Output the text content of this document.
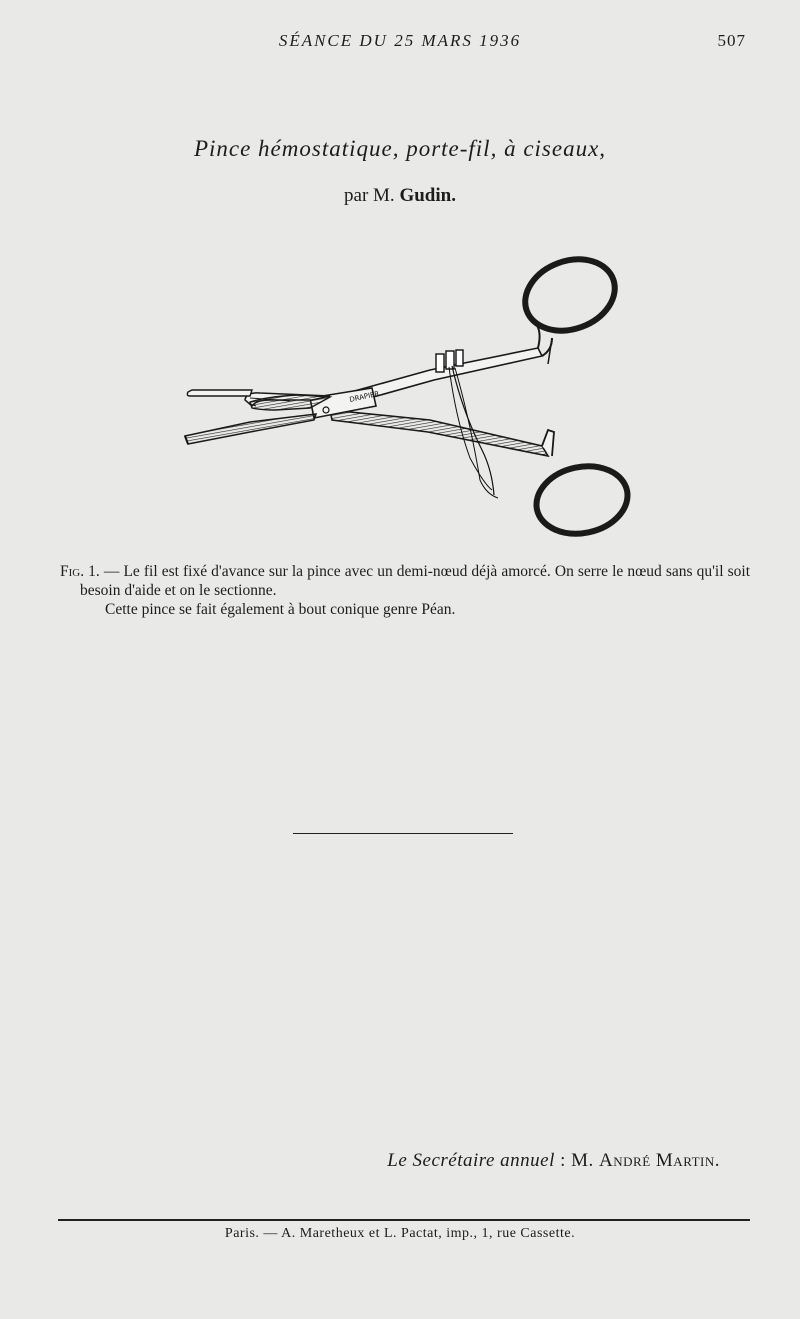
SÉANCE DU 25 MARS 1936	507
Pince hémostatique, porte-fil, à ciseaux,
par M. Gudin.
DRAPIER
Fig. 1. — Le fil est fixé d'avance sur la pince avec un demi-nœud déjà amorcé. On serre le nœud sans qu'il soit besoin d'aide et on le sectionne.
Cette pince se fait également à bout conique genre Péan.
Le Secrétaire annuel : M. André Martin.
Paris. — A. Maretheux et L. Pactat, imp., 1, rue Cassette.
